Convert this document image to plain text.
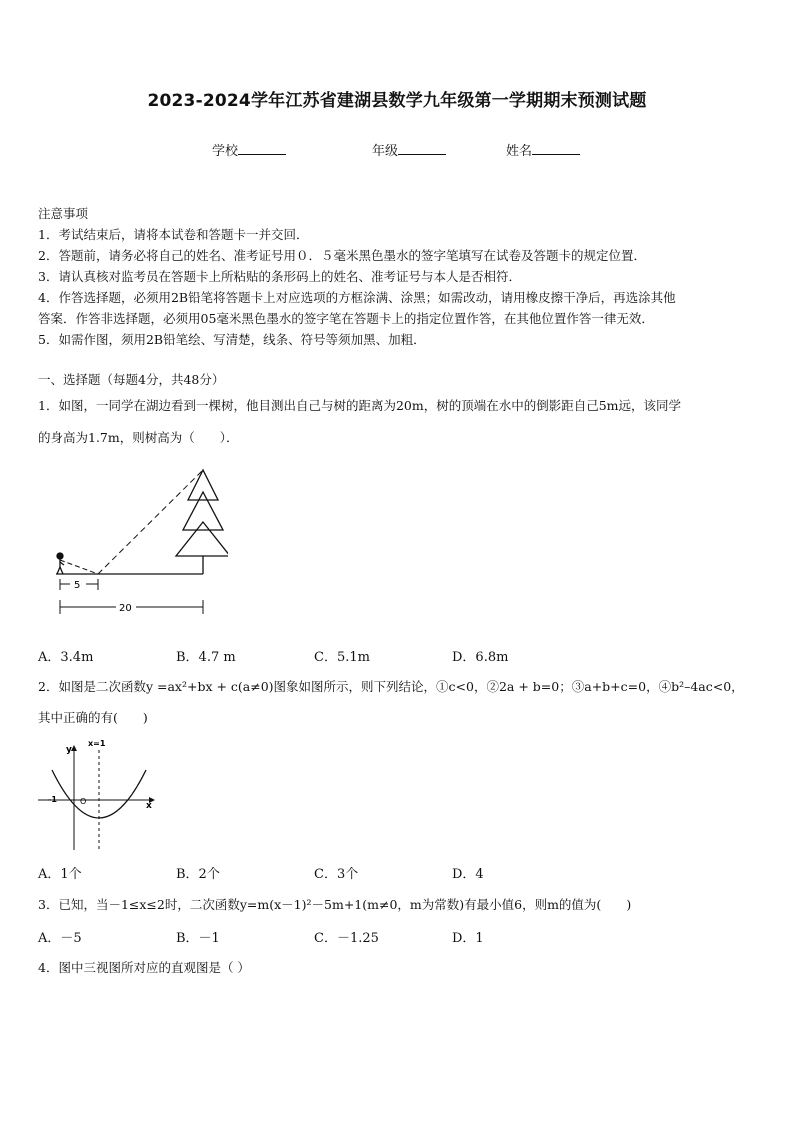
2023-2024学年江苏省建湖县数学九年级第一学期期末预测试题
学校	年级	姓名
注意事项
1．考试结束后，请将本试卷和答题卡一并交回．
2．答题前，请务必将自己的姓名、准考证号用０．５毫米黑色墨水的签字笔填写在试卷及答题卡的规定位置．
3．请认真核对监考员在答题卡上所粘贴的条形码上的姓名、准考证号与本人是否相符．
4．作答选择题，必须用2B铅笔将答题卡上对应选项的方框涂满、涂黑；如需改动，请用橡皮擦干净后，再选涂其他
答案．作答非选择题，必须用05毫米黑色墨水的签字笔在答题卡上的指定位置作答，在其他位置作答一律无效．
5．如需作图，须用2B铅笔绘、写清楚，线条、符号等须加黑、加粗．
一、选择题（每题4分，共48分）
1．如图，一同学在湖边看到一棵树，他目测出自己与树的距离为20m，树的顶端在水中的倒影距自己5m远，该同学
的身高为1.7m，则树高为（　　）．
5
20
A．3.4m	B．4.7 m	C．5.1m	D．6.8m
2．如图是二次函数y =ax²+bx + c(a≠0)图象如图所示，则下列结论，①c<0，②2a + b=0；③a+b+c=0，④b²–4ac<0，
其中正确的有(　　)
y
x=1
x
-1	O
A．1个	B．2个	C．3个	D．4
3．已知，当－1≤x≤2时，二次函数y=m(x－1)²－5m+1(m≠0，m为常数)有最小值6，则m的值为(　　)
A．－5	B．－1	C．－1.25	D．1
4．图中三视图所对应的直观图是（ ）
